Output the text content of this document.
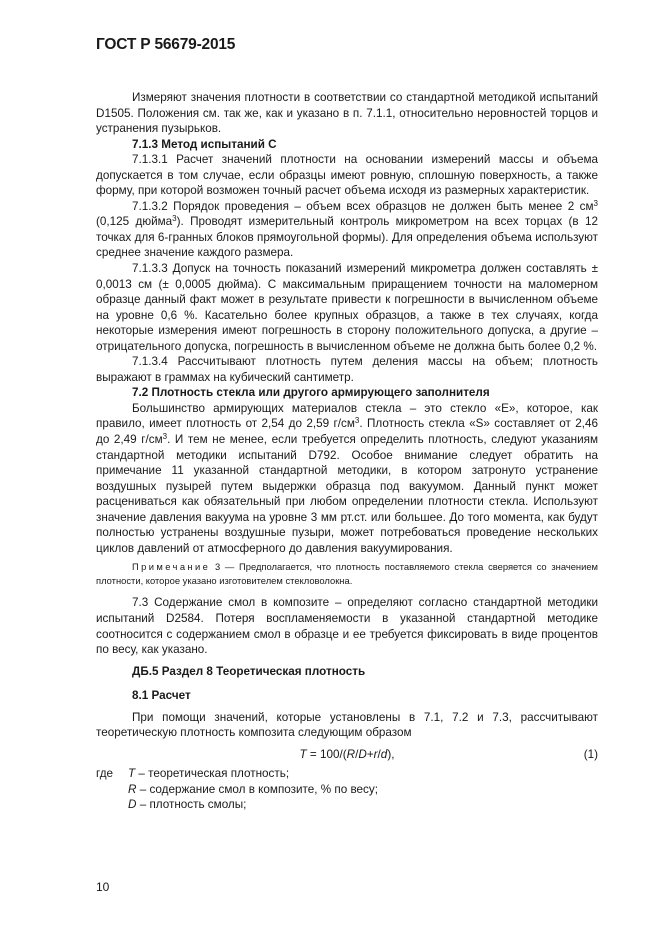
ГОСТ Р 56679-2015

Измеряют значения плотности в соответствии со стандартной методикой испытаний D1505. Положения см. так же, как и указано в п. 7.1.1, относительно неровностей торцов и устранения пузырьков.

7.1.3 Метод испытаний С

7.1.3.1 Расчет значений плотности на основании измерений массы и объема допускается в том случае, если образцы имеют ровную, сплошную поверхность, а также форму, при которой возможен точный расчет объема исходя из размерных характеристик.

7.1.3.2 Порядок проведения – объем всех образцов не должен быть менее 2 $см^3$ (0,125 дюйма$^3$). Проводят измерительный контроль микрометром на всех торцах (в 12 точках для 6-гранных блоков прямоугольной формы). Для определения объема используют среднее значение каждого размера.

7.1.3.3 Допуск на точность показаний измерений микрометра должен составлять ± 0,0013 см (± 0,0005 дюйма). С максимальным приращением точности на маломерном образце данный факт может в результате привести к погрешности в вычисленном объеме на уровне 0,6 %. Касательно более крупных образцов, а также в тех случаях, когда некоторые измерения имеют погрешность в сторону положительного допуска, а другие – отрицательного допуска, погрешность в вычисленном объеме не должна быть более 0,2 %.

7.1.3.4 Рассчитывают плотность путем деления массы на объем; плотность выражают в граммах на кубический сантиметр.

7.2 Плотность стекла или другого армирующего заполнителя

Большинство армирующих материалов стекла – это стекло «Е», которое, как правило, имеет плотность от 2,54 до 2,59 $г/см^3$. Плотность стекла «S» составляет от 2,46 до 2,49 $г/см^3$. И тем не менее, если требуется определить плотность, следуют указаниям стандартной методики испытаний D792. Особое внимание следует обратить на примечание 11 указанной стандартной методики, в котором затронуто устранение воздушных пузырей путем выдержки образца под вакуумом. Данный пункт может расцениваться как обязательный при любом определении плотности стекла. Используют значение давления вакуума на уровне 3 мм рт.ст. или большее. До того момента, как будут полностью устранены воздушные пузыри, может потребоваться проведение нескольких циклов давлений от атмосферного до давления вакуумирования.

Примечание 3 — Предполагается, что плотность поставляемого стекла сверяется со значением плотности, которое указано изготовителем стекловолокна.

7.3 Содержание смол в композите – определяют согласно стандартной методики испытаний D2584. Потеря воспламеняемости в указанной стандартной методике соотносится с содержанием смол в образце и ее требуется фиксировать в виде процентов по весу, как указано.

ДБ.5 Раздел 8 Теоретическая плотность

8.1 Расчет

При помощи значений, которые установлены в 7.1, 7.2 и 7.3, рассчитывают теоретическую плотность композита следующим образом

T = 100/(R/D+r/d),	(1)
где T – теоретическая плотность;
R – содержание смол в композите, % по весу;
D – плотность смолы;
10
